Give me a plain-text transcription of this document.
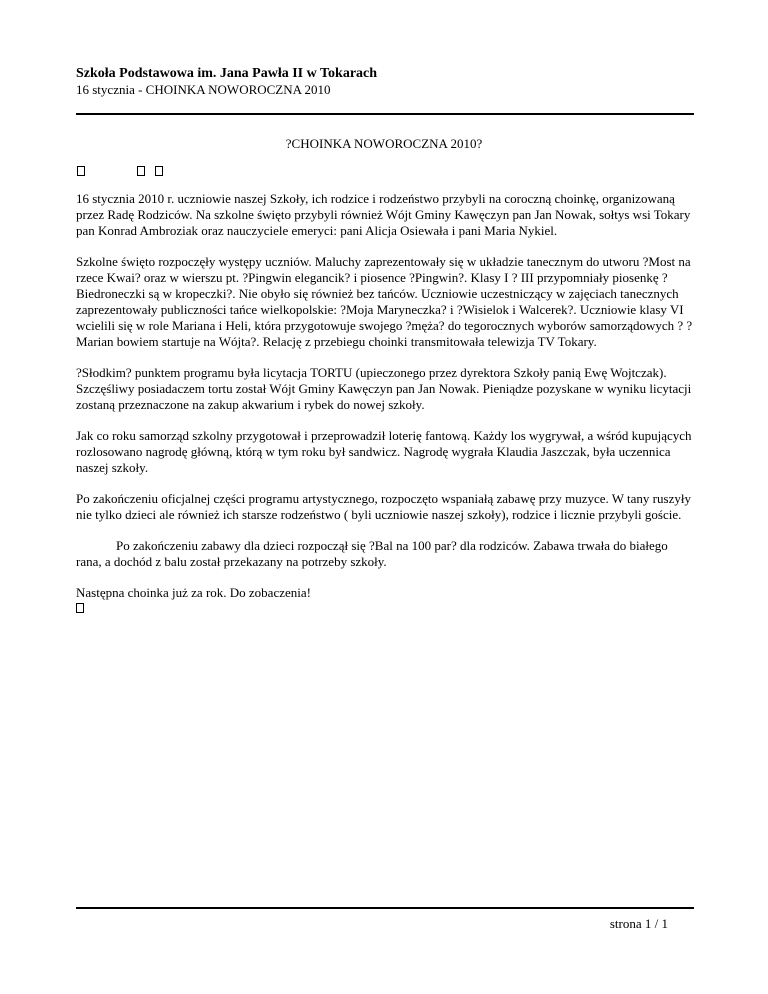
Szkoła Podstawowa im. Jana Pawła II w Tokarach
16 stycznia - CHOINKA NOWOROCZNA 2010
?CHOINKA NOWOROCZNA 2010?

16 stycznia 2010 r. uczniowie naszej Szkoły, ich rodzice i rodzeństwo przybyli na coroczną choinkę, organizowaną przez Radę Rodziców. Na szkolne święto przybyli również Wójt Gminy Kawęczyn pan Jan Nowak, sołtys wsi Tokary pan Konrad Ambroziak oraz nauczyciele emeryci: pani Alicja Osiewała i pani Maria Nykiel.

Szkolne święto rozpoczęły występy uczniów. Maluchy zaprezentowały się w układzie tanecznym do utworu ?Most na rzece Kwai? oraz w wierszu pt. ?Pingwin elegancik? i piosence ?Pingwin?. Klasy I ? III przypomniały piosenkę ?Biedroneczki są w kropeczki?. Nie obyło się również bez tańców. Uczniowie uczestniczący w zajęciach tanecznych zaprezentowały publiczności tańce wielkopolskie: ?Moja Maryneczka? i ?Wisielok i Walcerek?. Uczniowie klasy VI wcielili się w role Mariana i Heli, która przygotowuje swojego ?męża? do tegorocznych wyborów samorządowych ? ?Marian bowiem startuje na Wójta?. Relację z przebiegu choinki transmitowała telewizja TV Tokary.

?Słodkim? punktem programu była licytacja TORTU (upieczonego przez dyrektora Szkoły panią Ewę Wojtczak). Szczęśliwy posiadaczem tortu został Wójt Gminy Kawęczyn pan Jan Nowak. Pieniądze pozyskane w wyniku licytacji zostaną przeznaczone na zakup akwarium i rybek do nowej szkoły.

Jak co roku samorząd szkolny przygotował i przeprowadził loterię fantową. Każdy los wygrywał, a wśród kupujących rozlosowano nagrodę główną, którą w tym roku był sandwicz. Nagrodę wygrała Klaudia Jaszczak, była uczennica naszej szkoły.

Po zakończeniu oficjalnej części programu artystycznego, rozpoczęto wspaniałą zabawę przy muzyce. W tany ruszyły nie tylko dzieci ale również ich starsze rodzeństwo ( byli uczniowie naszej szkoły), rodzice i licznie przybyli goście.

Po zakończeniu zabawy dla dzieci rozpoczął się ?Bal na 100 par? dla rodziców. Zabawa trwała do białego rana, a dochód z balu został przekazany na potrzeby szkoły.

Następna choinka już za rok. Do zobaczenia!

strona 1 / 1
